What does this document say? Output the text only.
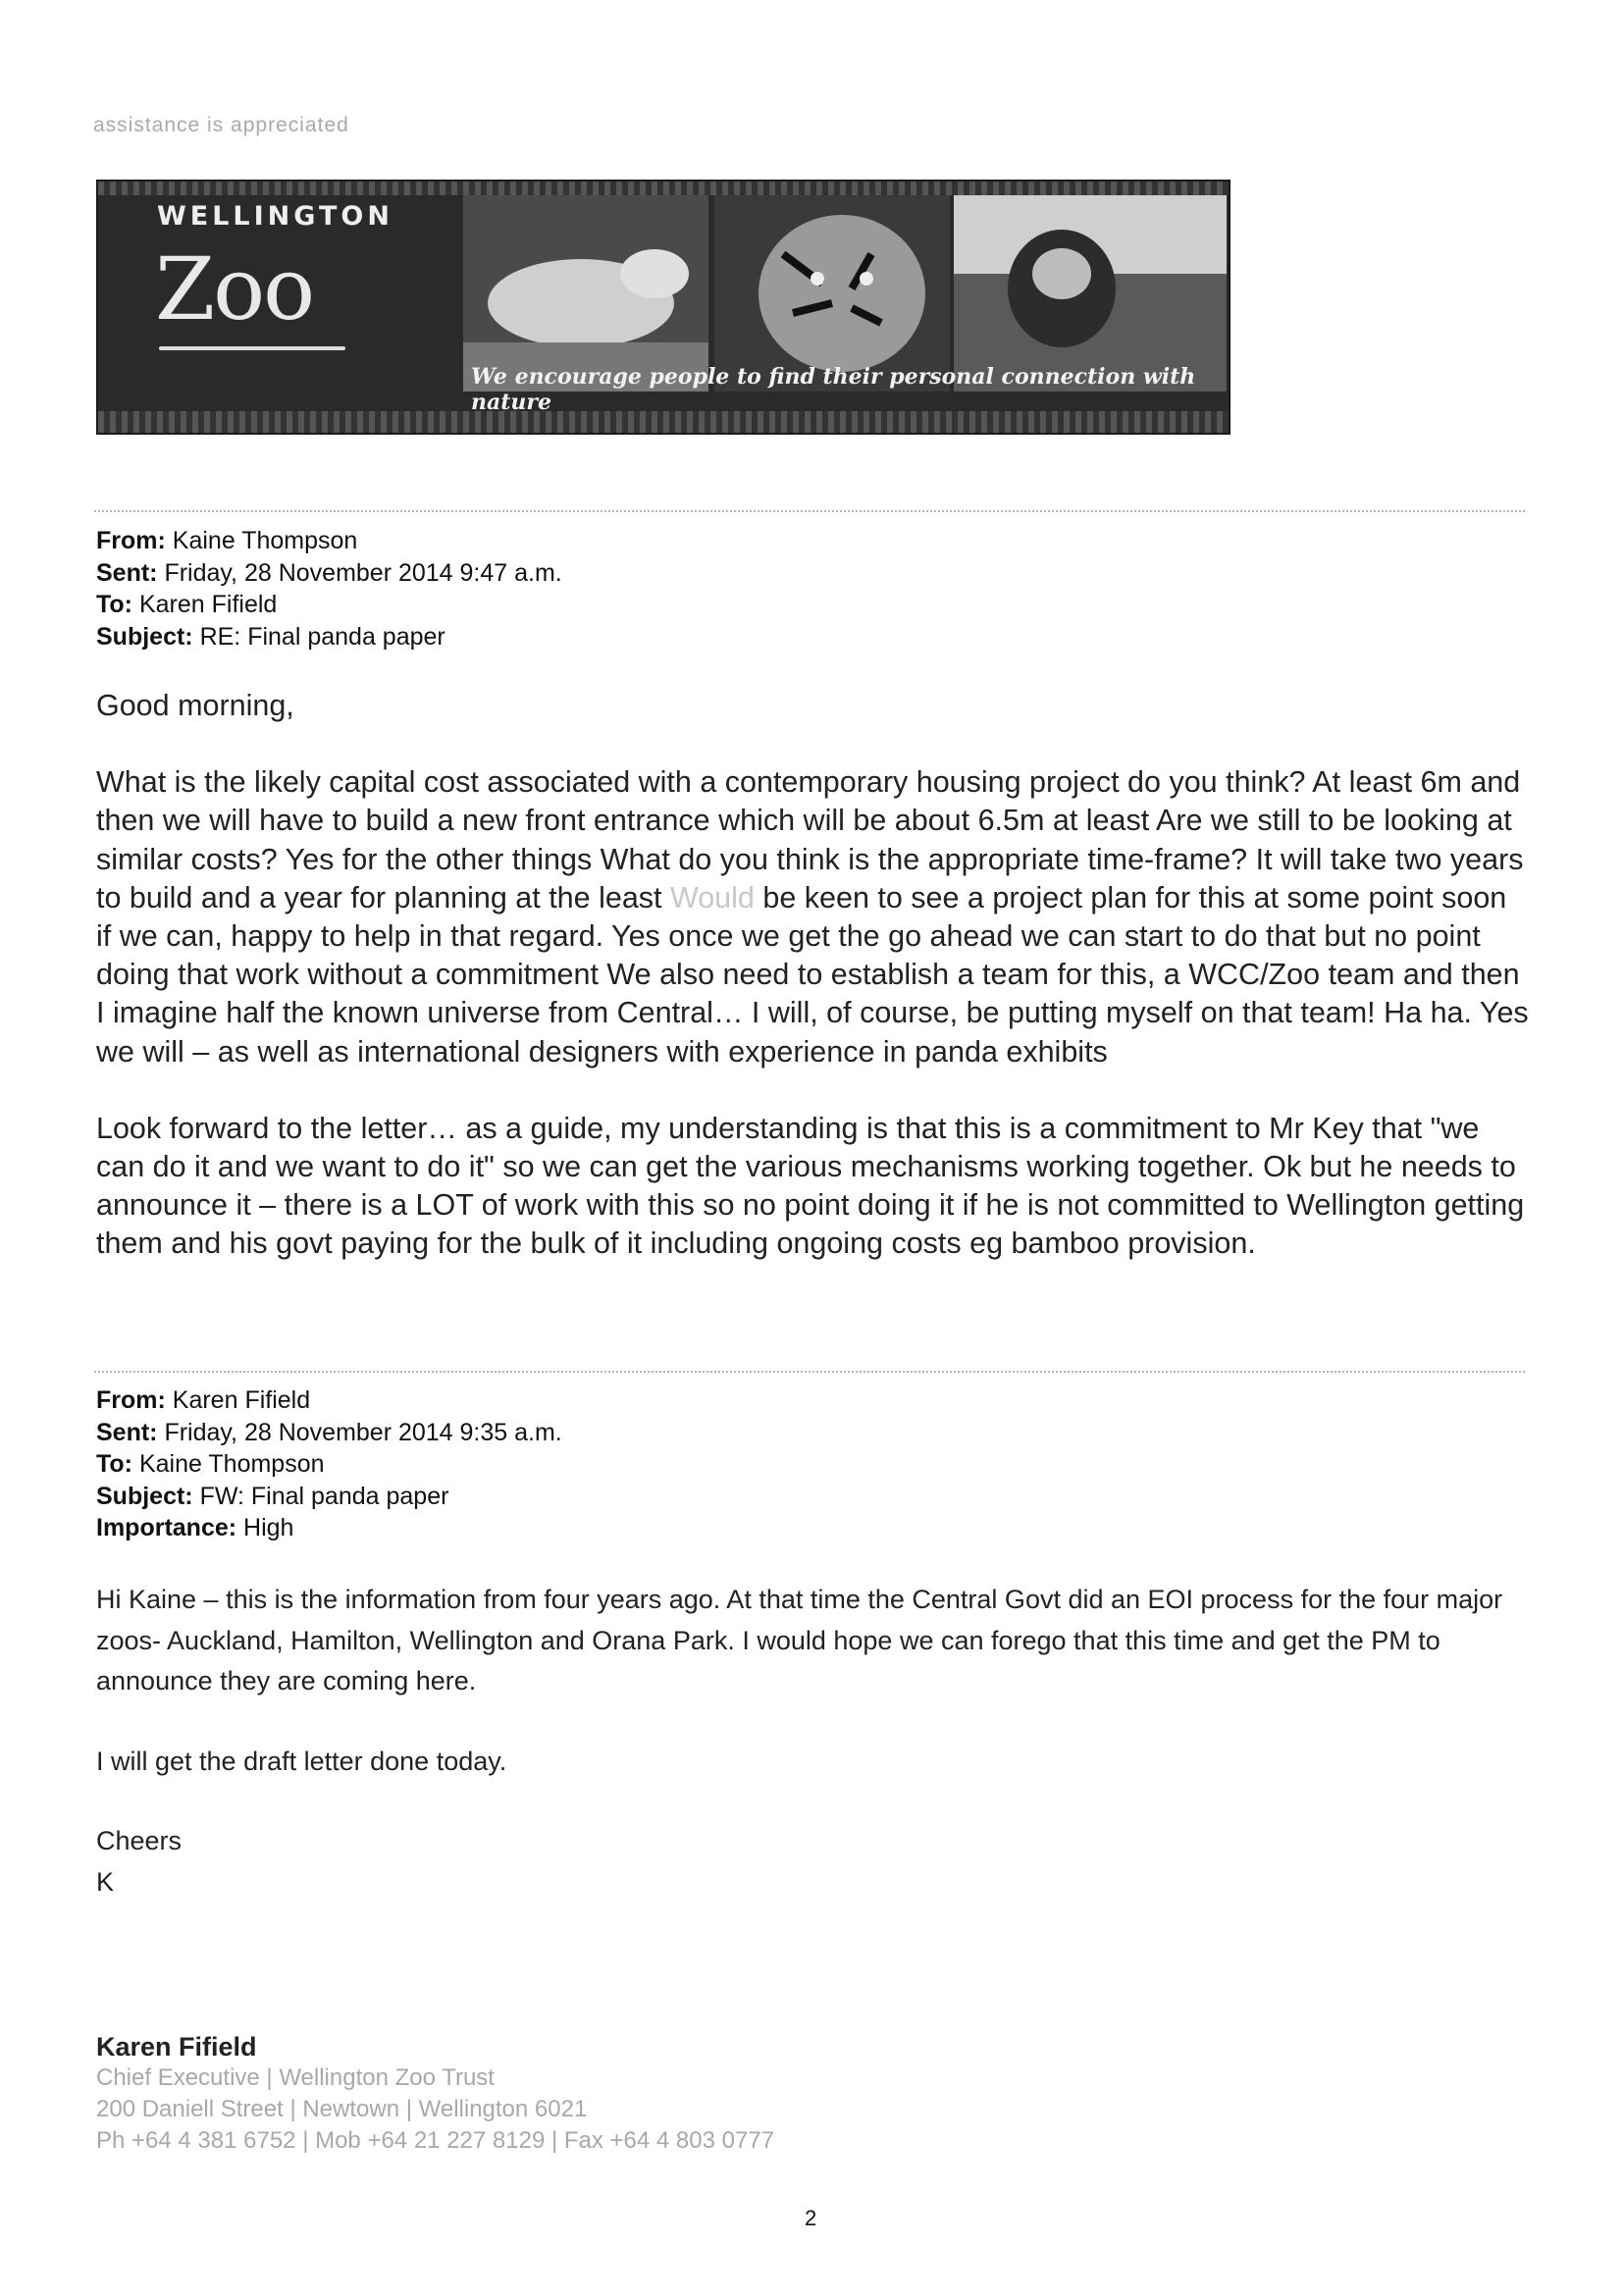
assistance is appreciated
WELLINGTON
Zoo
We encourage people to find their personal connection with nature
From: Kaine Thompson
Sent: Friday, 28 November 2014 9:47 a.m.
To: Karen Fifield
Subject: RE: Final panda paper

Good morning,

What is the likely capital cost associated with a contemporary housing project do you think? At least 6m and then we will have to build a new front entrance which will be about 6.5m at least Are we still to be looking at similar costs? Yes for the other things What do you think is the appropriate time-frame? It will take two years to build and a year for planning at the least Would be keen to see a project plan for this at some point soon if we can, happy to help in that regard. Yes once we get the go ahead we can start to do that but no point doing that work without a commitment We also need to establish a team for this, a WCC/Zoo team and then I imagine half the known universe from Central… I will, of course, be putting myself on that team! Ha ha. Yes we will – as well as international designers with experience in panda exhibits

Look forward to the letter… as a guide, my understanding is that this is a commitment to Mr Key that "we can do it and we want to do it" so we can get the various mechanisms working together. Ok but he needs to announce it – there is a LOT of work with this so no point doing it if he is not committed to Wellington getting them and his govt paying for the bulk of it including ongoing costs eg bamboo provision.

From: Karen Fifield
Sent: Friday, 28 November 2014 9:35 a.m.
To: Kaine Thompson
Subject: FW: Final panda paper
Importance: High

Hi Kaine – this is the information from four years ago. At that time the Central Govt did an EOI process for the four major zoos- Auckland, Hamilton, Wellington and Orana Park. I would hope we can forego that this time and get the PM to announce they are coming here.

I will get the draft letter done today.

Cheers

K

Karen Fifield
Chief Executive | Wellington Zoo Trust
200 Daniell Street | Newtown | Wellington 6021
Ph +64 4 381 6752 | Mob +64 21 227 8129 | Fax +64 4 803 0777
2
